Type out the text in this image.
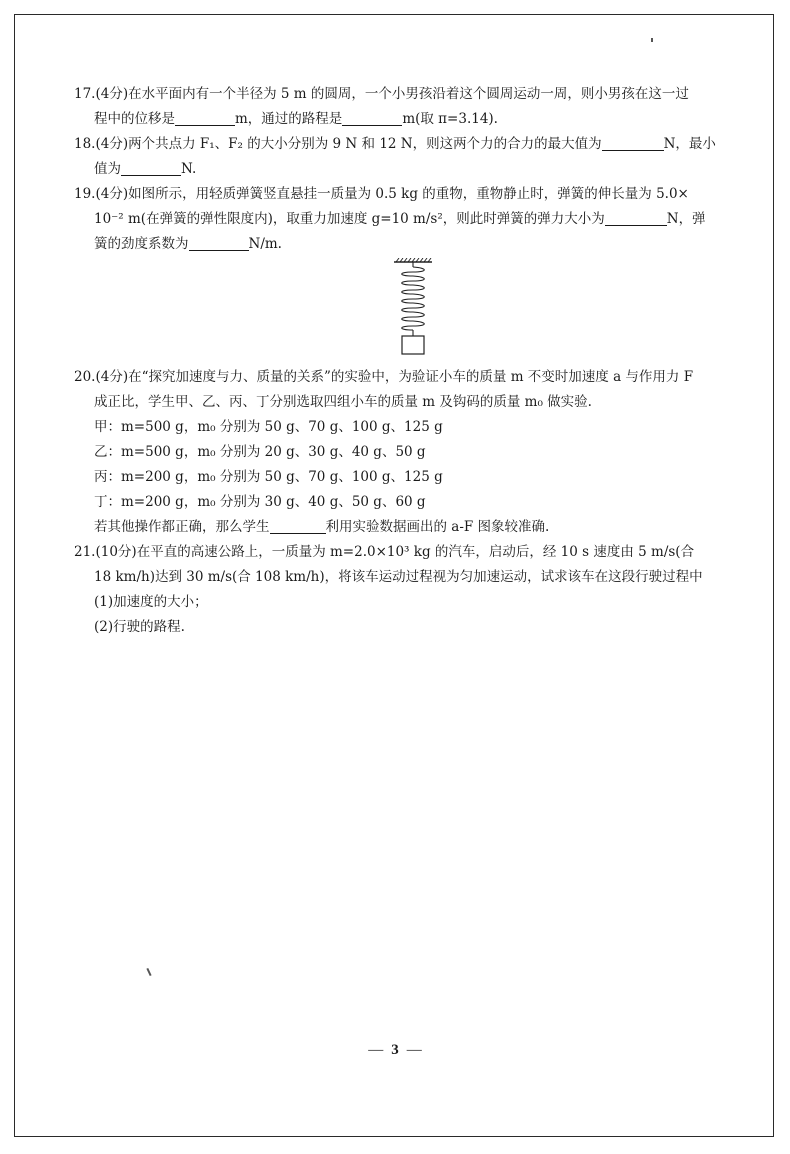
17.(4分)在水平面内有一个半径为 5 m 的圆周，一个小男孩沿着这个圆周运动一周，则小男孩在这一过
程中的位移是	m，通过的路程是	m(取 π=3.14).
18.(4分)两个共点力 F₁、F₂ 的大小分别为 9 N 和 12 N，则这两个力的合力的最大值为	N，最小
值为	N.
19.(4分)如图所示，用轻质弹簧竖直悬挂一质量为 0.5 kg 的重物，重物静止时，弹簧的伸长量为 5.0×
10⁻² m(在弹簧的弹性限度内)，取重力加速度 g=10 m/s²，则此时弹簧的弹力大小为	N，弹
簧的劲度系数为	N/m.
20.(4分)在“探究加速度与力、质量的关系”的实验中，为验证小车的质量 m 不变时加速度 a 与作用力 F
成正比，学生甲、乙、丙、丁分别选取四组小车的质量 m 及钩码的质量 m₀ 做实验.
甲：m=500 g，m₀ 分别为 50 g、70 g、100 g、125 g
乙：m=500 g，m₀ 分别为 20 g、30 g、40 g、50 g
丙：m=200 g，m₀ 分别为 50 g、70 g、100 g、125 g
丁：m=200 g，m₀ 分别为 30 g、40 g、50 g、60 g
若其他操作都正确，那么学生	利用实验数据画出的 a-F 图象较准确.
21.(10分)在平直的高速公路上，一质量为 m=2.0×10³ kg 的汽车，启动后，经 10 s 速度由 5 m/s(合
18 km/h)达到 30 m/s(合 108 km/h)，将该车运动过程视为匀加速运动，试求该车在这段行驶过程中
(1)加速度的大小；
(2)行驶的路程.
— 3 —
